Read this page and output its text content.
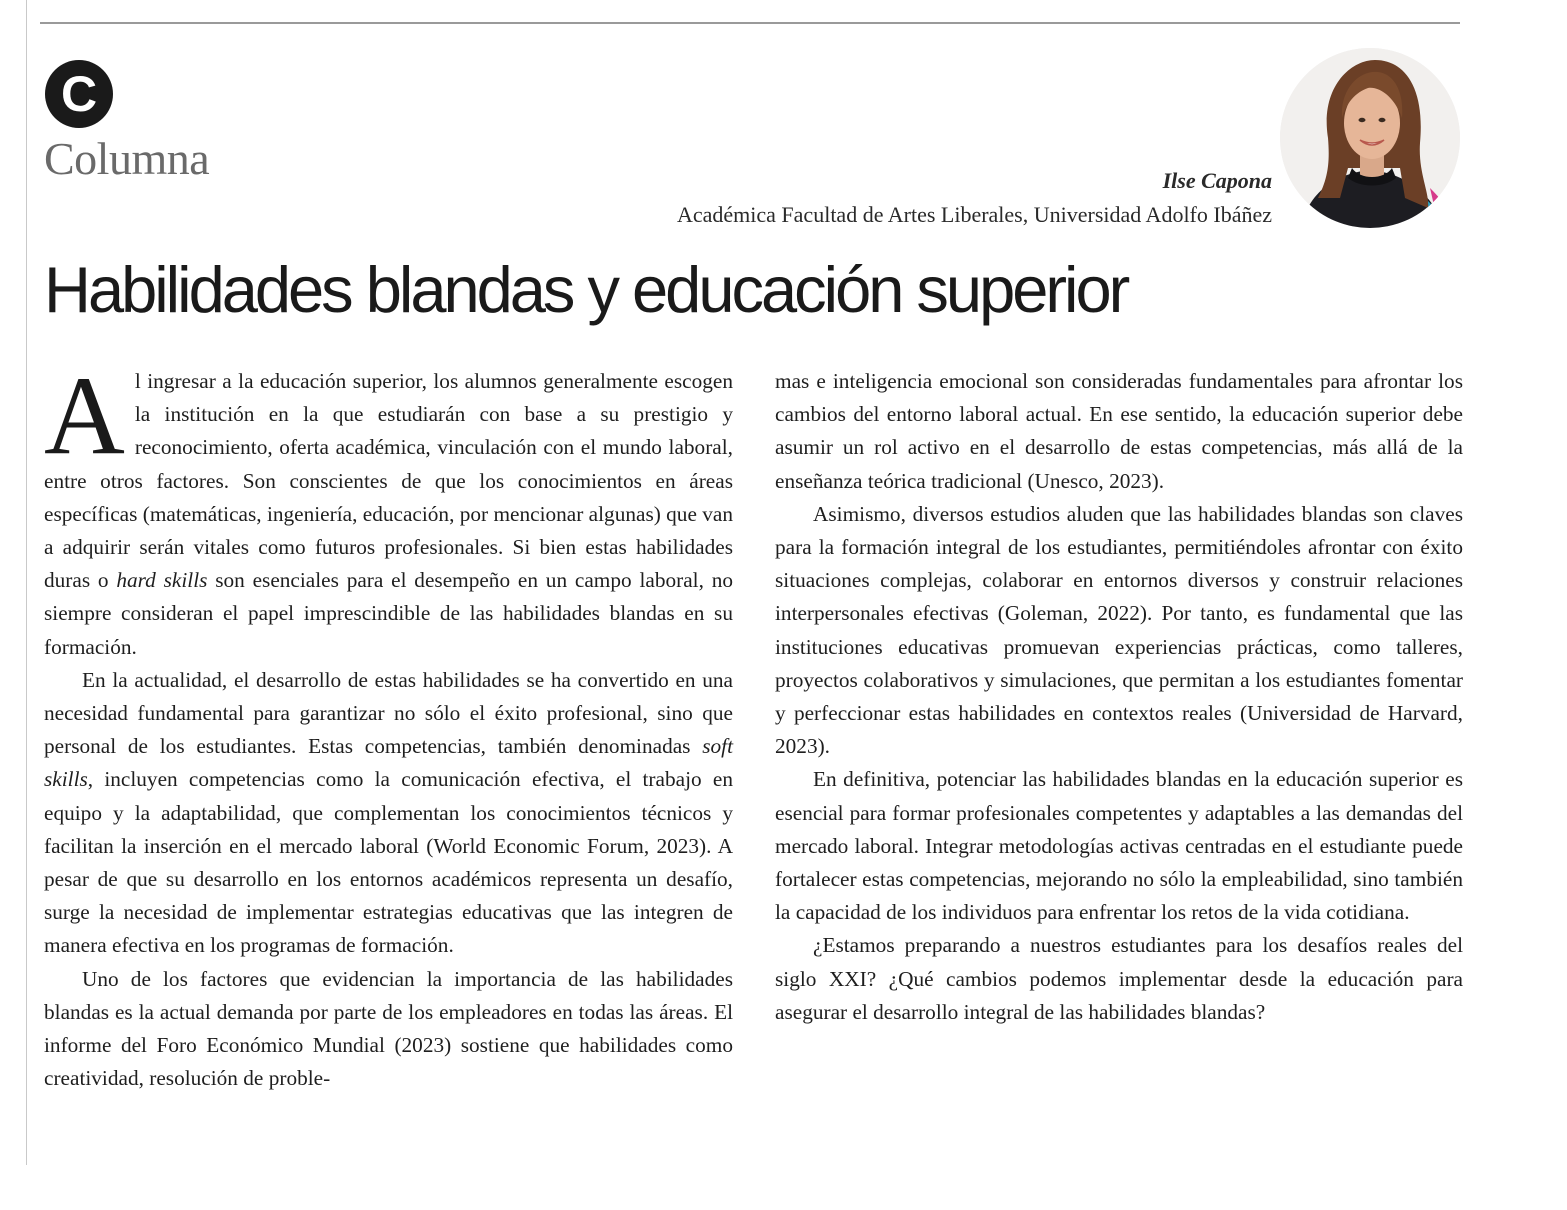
C
Columna	Ilse Capona
Académica Facultad de Artes Liberales, Universidad Adolfo Ibáñez
Habilidades blandas y educación superior

Al ingresar a la educación superior, los alumnos generalmente escogen la institución en la que estudiarán con base a su prestigio y reconocimiento, oferta académica, vinculación con el mundo laboral, entre otros factores. Son conscientes de que los conocimientos en áreas específicas (matemáticas, ingeniería, educación, por mencionar algunas) que van a adquirir serán vitales como futuros profesionales. Si bien estas habilidades duras o hard skills son esenciales para el desempeño en un campo laboral, no siempre consideran el papel imprescindible de las habilidades blandas en su formación.

En la actualidad, el desarrollo de estas habilidades se ha convertido en una necesidad fundamental para garantizar no sólo el éxito profesional, sino que personal de los estudiantes. Estas competencias, también denominadas soft skills, incluyen competencias como la comunicación efectiva, el trabajo en equipo y la adaptabilidad, que complementan los conocimientos técnicos y facilitan la inserción en el mercado laboral (World Economic Forum, 2023). A pesar de que su desarrollo en los entornos académicos representa un desafío, surge la necesidad de implementar estrategias educativas que las integren de manera efectiva en los programas de formación.

Uno de los factores que evidencian la importancia de las habilidades blandas es la actual demanda por parte de los empleadores en todas las áreas. El informe del Foro Económico Mundial (2023) sostiene que habilidades como creatividad, resolución de proble-

mas e inteligencia emocional son consideradas fundamentales para afrontar los cambios del entorno laboral actual. En ese sentido, la educación superior debe asumir un rol activo en el desarrollo de estas competencias, más allá de la enseñanza teórica tradicional (Unesco, 2023).

Asimismo, diversos estudios aluden que las habilidades blandas son claves para la formación integral de los estudiantes, permitiéndoles afrontar con éxito situaciones complejas, colaborar en entornos diversos y construir relaciones interpersonales efectivas (Goleman, 2022). Por tanto, es fundamental que las instituciones educativas promuevan experiencias prácticas, como talleres, proyectos colaborativos y simulaciones, que permitan a los estudiantes fomentar y perfeccionar estas habilidades en contextos reales (Universidad de Harvard, 2023).

En definitiva, potenciar las habilidades blandas en la educación superior es esencial para formar profesionales competentes y adaptables a las demandas del mercado laboral. Integrar metodologías activas centradas en el estudiante puede fortalecer estas competencias, mejorando no sólo la empleabilidad, sino también la capacidad de los individuos para enfrentar los retos de la vida cotidiana.

¿Estamos preparando a nuestros estudiantes para los desafíos reales del siglo XXI? ¿Qué cambios podemos implementar desde la educación para asegurar el desarrollo integral de las habilidades blandas?
